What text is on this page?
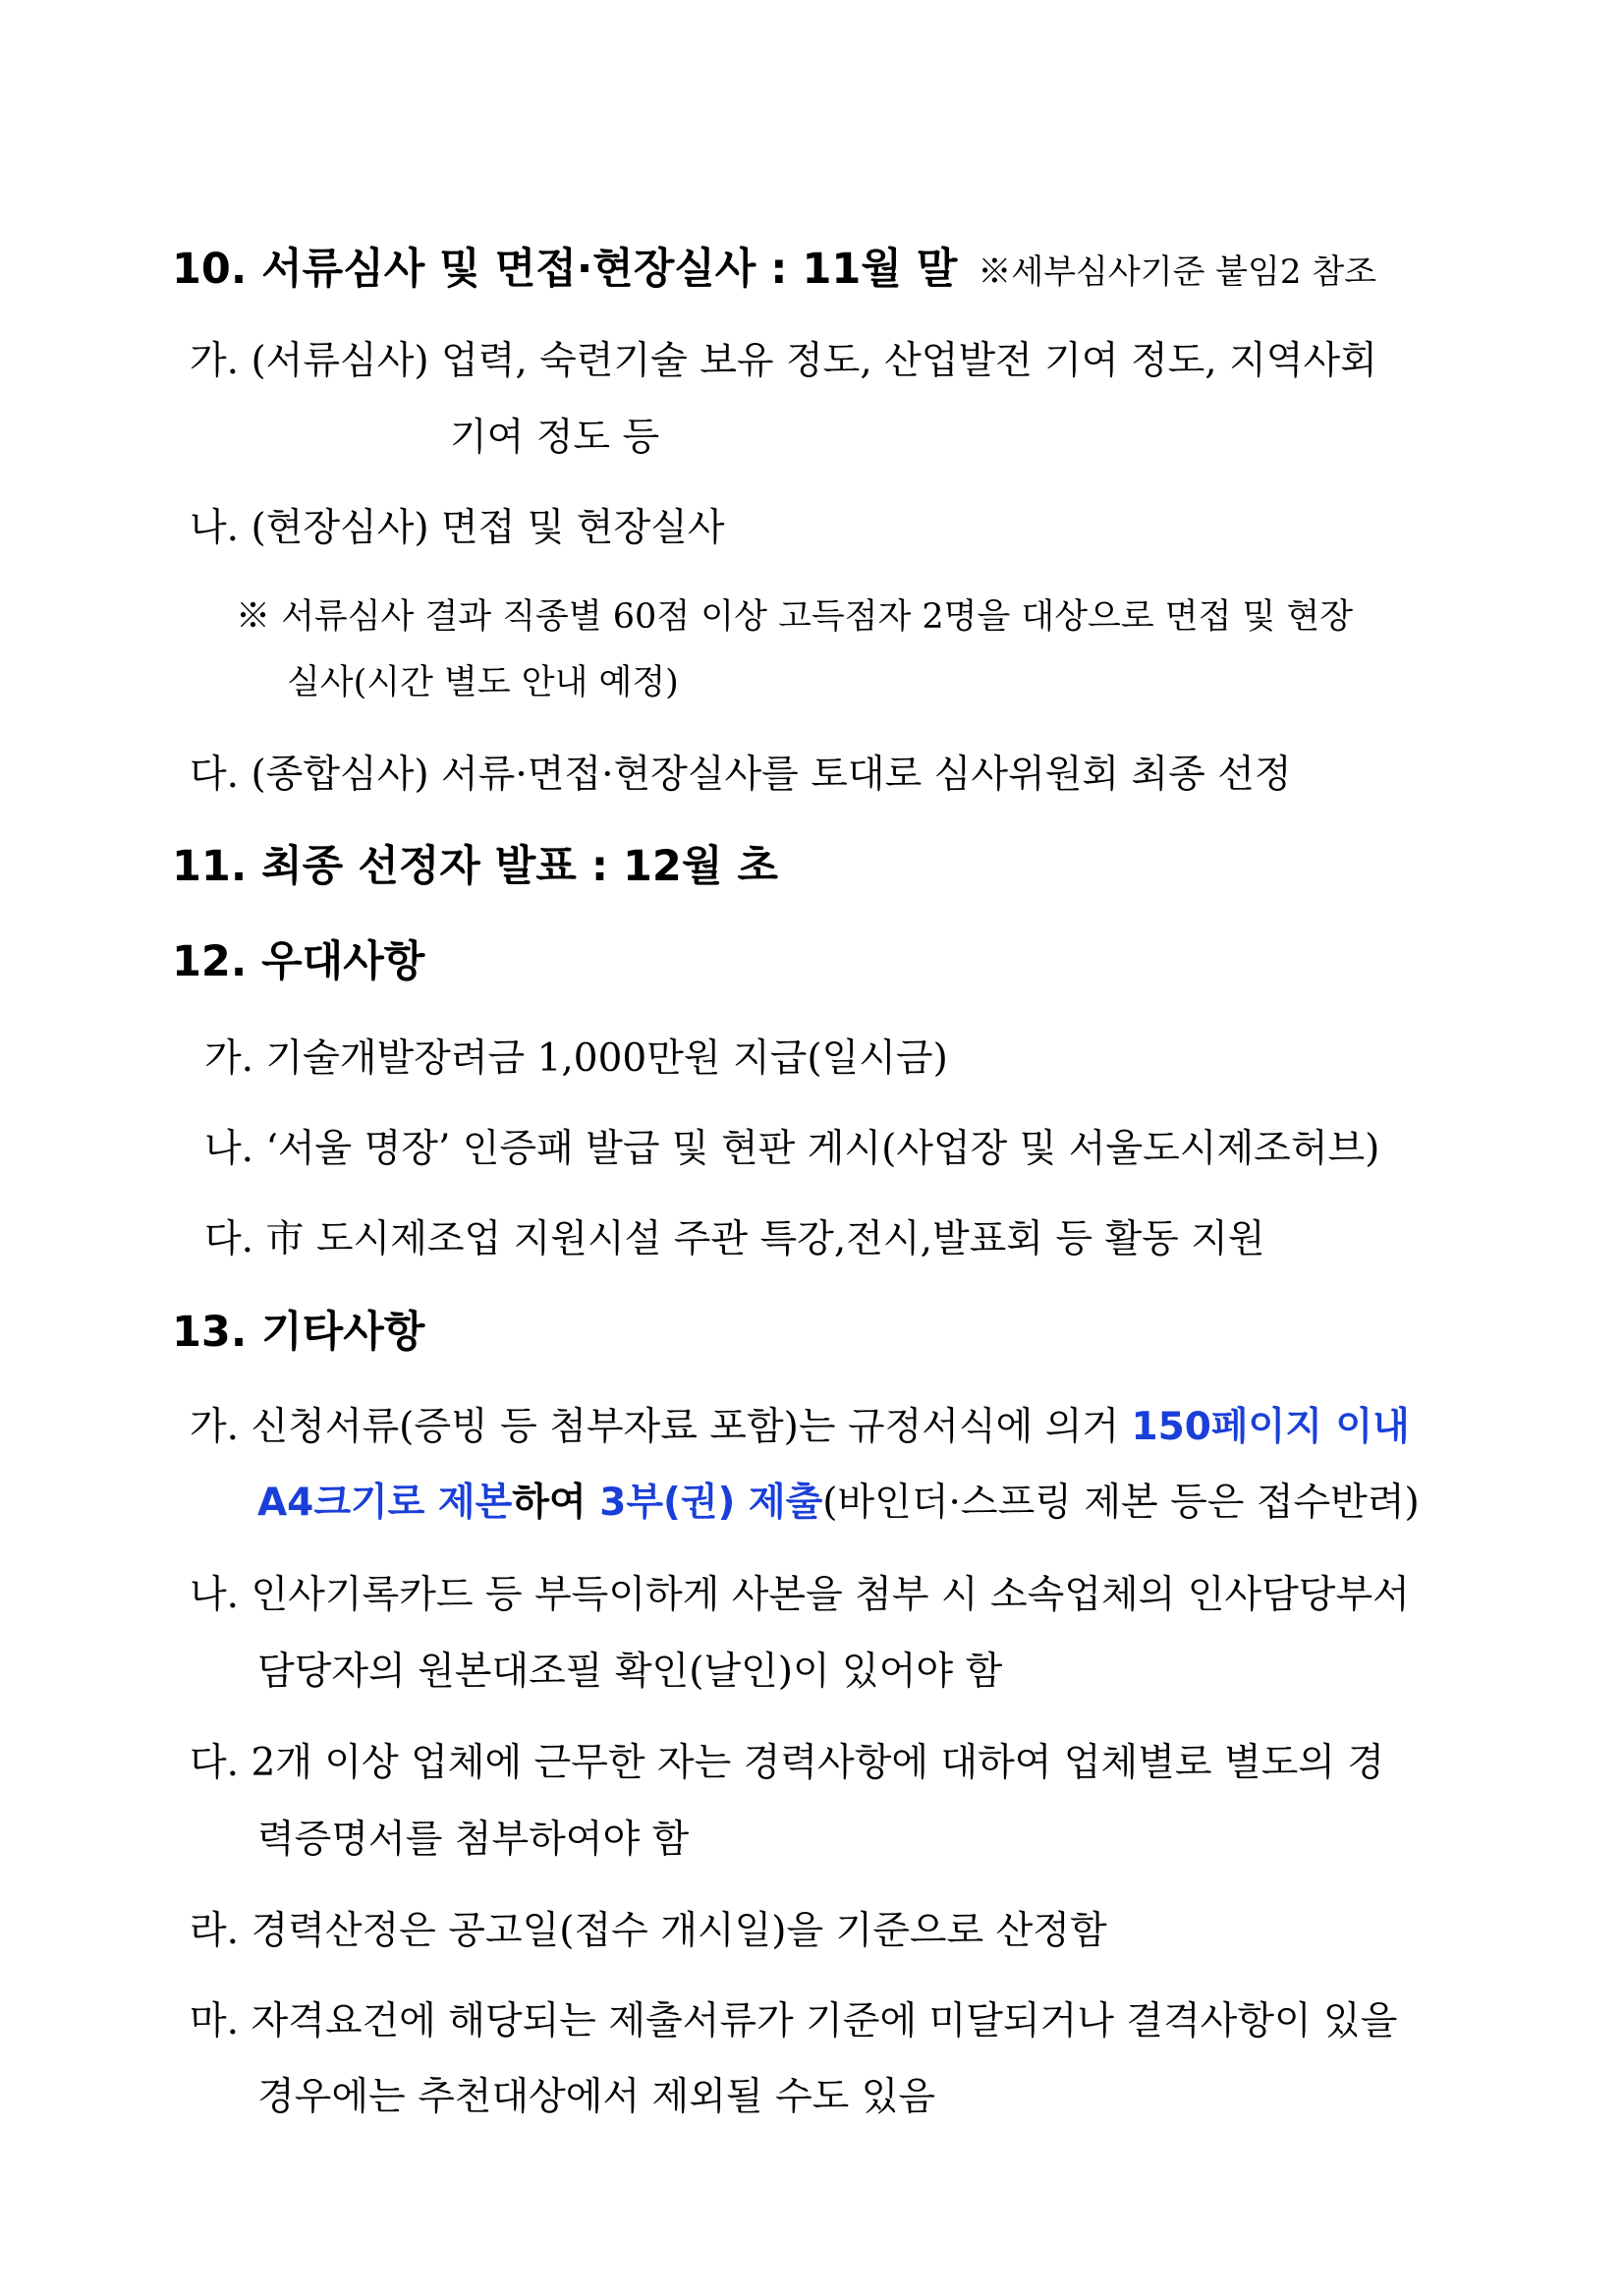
10. 서류심사 및 면접·현장실사 : 11월 말 ※세부심사기준 붙임2 참조
가. (서류심사) 업력, 숙련기술 보유 정도, 산업발전 기여 정도, 지역사회
기여 정도 등
나. (현장심사) 면접 및 현장실사
※ 서류심사 결과 직종별 60점 이상 고득점자 2명을 대상으로 면접 및 현장
실사(시간 별도 안내 예정)
다. (종합심사) 서류·면접·현장실사를 토대로 심사위원회 최종 선정
11. 최종 선정자 발표 : 12월 초
12. 우대사항
가. 기술개발장려금 1,000만원 지급(일시금)
나. ‘서울 명장’ 인증패 발급 및 현판 게시(사업장 및 서울도시제조허브)
다. 市 도시제조업 지원시설 주관 특강,전시,발표회 등 활동 지원
13. 기타사항
가. 신청서류(증빙 등 첨부자료 포함)는 규정서식에 의거 150페이지 이내
A4크기로 제본하여 3부(권) 제출(바인더·스프링 제본 등은 접수반려)
나. 인사기록카드 등 부득이하게 사본을 첨부 시 소속업체의 인사담당부서
담당자의 원본대조필 확인(날인)이 있어야 함
다. 2개 이상 업체에 근무한 자는 경력사항에 대하여 업체별로 별도의 경
력증명서를 첨부하여야 함
라. 경력산정은 공고일(접수 개시일)을 기준으로 산정함
마. 자격요건에 해당되는 제출서류가 기준에 미달되거나 결격사항이 있을
경우에는 추천대상에서 제외될 수도 있음
